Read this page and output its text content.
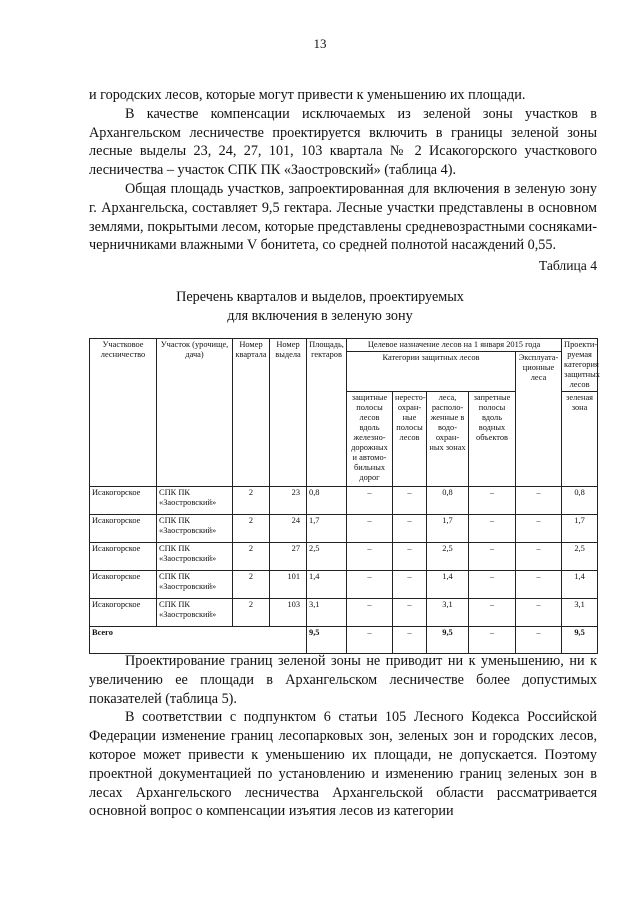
13

и городских лесов, которые могут привести к уменьшению их площади.

В качестве компенсации исключаемых из зеленой зоны участков в Архангельском лесничестве проектируется включить в границы зеленой зоны лесные выделы 23, 24, 27, 101, 103 квартала № 2 Исакогорского участкового лесничества – участок СПК ПК «Заостровский» (таблица 4).

Общая площадь участков, запроектированная для включения в зеленую зону г. Архангельска, составляет 9,5 гектара. Лесные участки представлены в основном землями, покрытыми лесом, которые представлены средневозрастными сосняками-черничниками влажными V бонитета, со средней полнотой насаждений 0,55.

Таблица 4
Перечень кварталов и выделов, проектируемых
для включения в зеленую зону
Участковое лесничество	Участок (урочище, дача)	Номер квартала	Номер выдела	Площадь, гектаров	Целевое назначение лесов на 1 января 2015 года					Проекти-руемая категория защитных лесов
					Категории защитных лесов				Эксплуата-ционные леса	
					защитные полосы лесов вдоль железно-дорожных и автомо-бильных дорог	нересто-охран-ные полосы лесов	леса, располо-женные в водо-охран-ных зонах	запретные полосы вдоль водных объектов		зеленая зона
Исакогорское	СПК ПК «Заостровский»	2	23	0,8	–	–	0,8	–	–	0,8
Исакогорское	СПК ПК «Заостровский»	2	24	1,7	–	–	1,7	–	–	1,7
Исакогорское	СПК ПК «Заостровский»	2	27	2,5	–	–	2,5	–	–	2,5
Исакогорское	СПК ПК «Заостровский»	2	101	1,4	–	–	1,4	–	–	1,4
Исакогорское	СПК ПК «Заостровский»	2	103	3,1	–	–	3,1	–	–	3,1
Всего				9,5	–	–	9,5	–	–	9,5

Проектирование границ зеленой зоны не приводит ни к уменьшению, ни к увеличению ее площади в Архангельском лесничестве более допустимых показателей (таблица 5).

В соответствии с подпунктом 6 статьи 105 Лесного Кодекса Российской Федерации изменение границ лесопарковых зон, зеленых зон и городских лесов, которое может привести к уменьшению их площади, не допускается. Поэтому проектной документацией по установлению и изменению границ зеленых зон в лесах Архангельского лесничества Архангельской области рассматривается основной вопрос о компенсации изъятия лесов из категории
